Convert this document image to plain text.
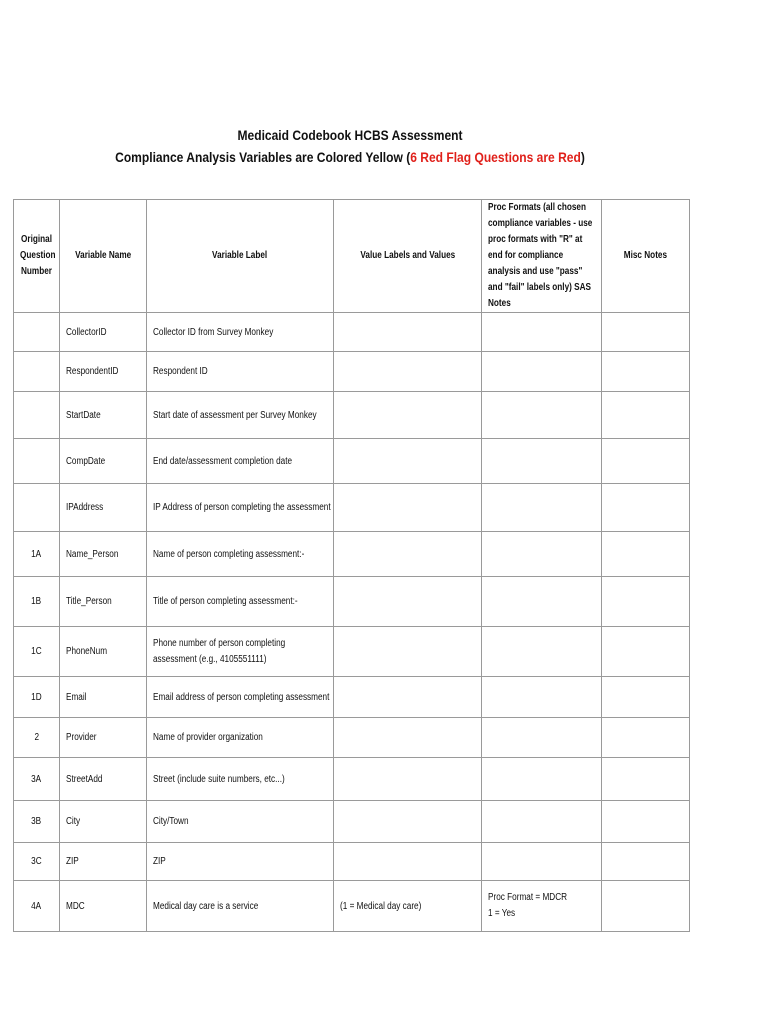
Medicaid Codebook HCBS Assessment
Compliance Analysis Variables are Colored Yellow (6 Red Flag Questions are Red)
Original Question Number	Variable Name	Variable Label	Value Labels and Values	Proc Formats (all chosen compliance variables - use proc formats with "R" at end for compliance analysis and use "pass" and "fail" labels only) SAS Notes	Misc Notes
	CollectorID	Collector ID from Survey Monkey			
	RespondentID	Respondent ID			
	StartDate	Start date of assessment per Survey Monkey			
	CompDate	End date/assessment completion date			
	IPAddress	IP Address of person completing the assessment			
1A	Name_Person	Name of person completing assessment:-			
1B	Title_Person	Title of person completing assessment:-			
1C	PhoneNum	Phone number of person completing assessment (e.g., 4105551111)			

1D	Email	Email address of person completing assessment			
2	Provider	Name of provider organization			
3A	StreetAdd	Street (include suite numbers, etc...)			
3B	City	City/Town			
3C	ZIP	ZIP			
4A	MDC	Medical day care is a service	(1 = Medical day care)	Proc Format = MDCR
1 = Yes	
